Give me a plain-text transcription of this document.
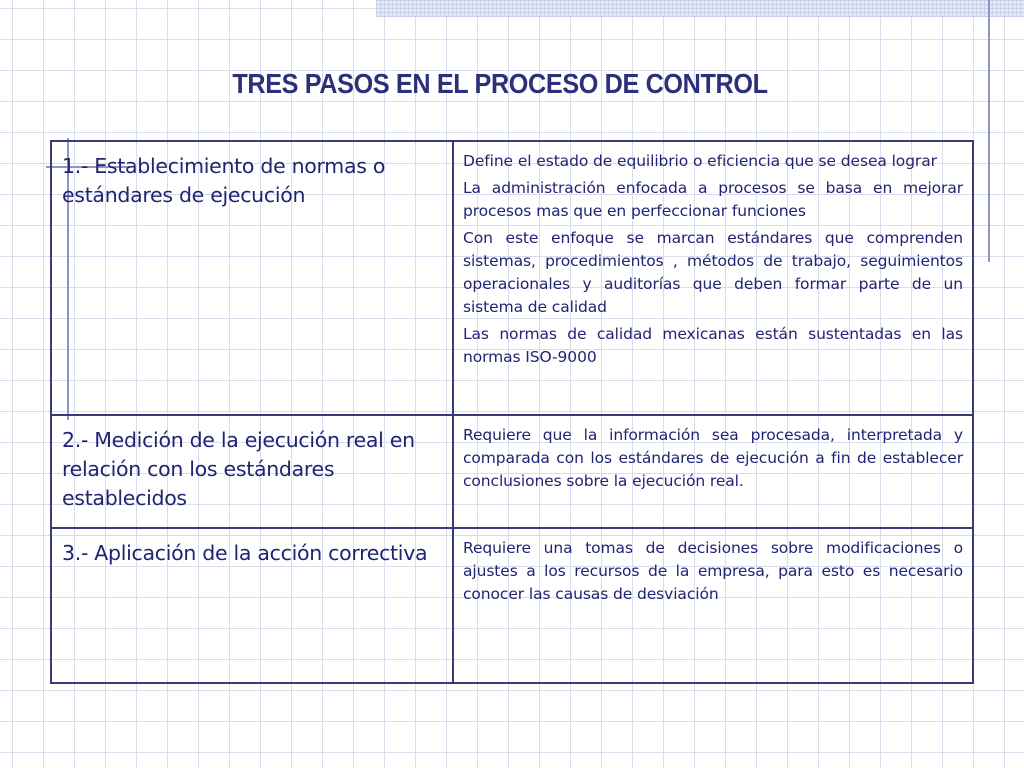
TRES PASOS EN EL PROCESO DE CONTROL
1.- Establecimiento de normas o estándares de ejecución	Define el estado de equilibrio o eficiencia que se desea lograr

La administración enfocada a procesos se basa en mejorar procesos mas que en perfeccionar funciones

Con este enfoque se marcan estándares que comprenden sistemas, procedimientos , métodos de trabajo, seguimientos operacionales y auditorías que deben formar parte de un sistema de calidad

Las normas de calidad mexicanas están sustentadas en las normas ISO-9000

2.- Medición de la ejecución real en relación con los estándares establecidos	Requiere que la información sea procesada, interpretada y comparada con los estándares de ejecución a fin de establecer conclusiones sobre la ejecución real.

3.- Aplicación de la acción correctiva	Requiere una tomas de decisiones sobre modificaciones o ajustes a los recursos de la empresa, para esto es necesario conocer las causas de desviación
